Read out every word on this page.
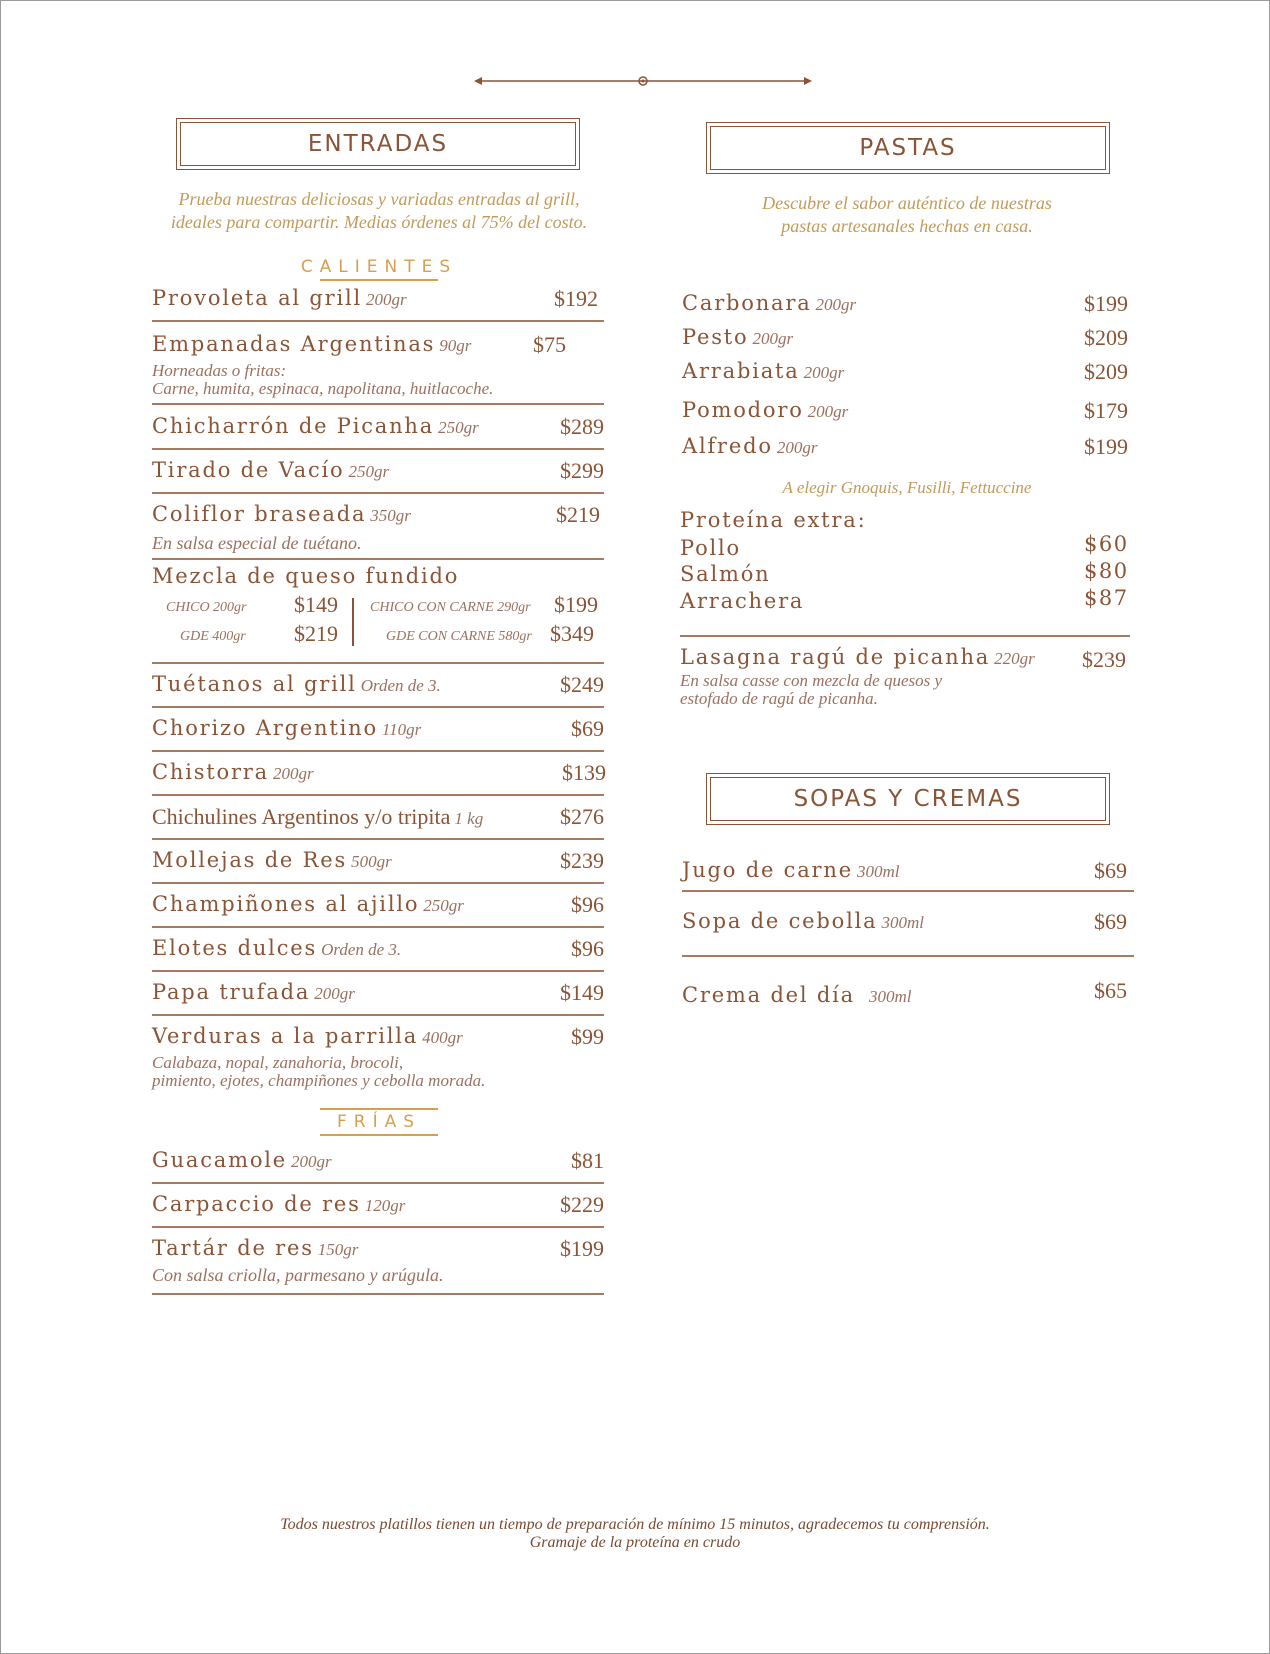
ENTRADAS
Prueba nuestras deliciosas y variadas entradas al grill,
ideales para compartir. Medias órdenes al 75% del costo.
CALIENTES
Provoleta al grill 200gr	$192
Empanadas Argentinas 90gr	$75
Horneadas o fritas:
Carne, humita, espinaca, napolitana, huitlacoche.
Chicharrón de Picanha 250gr	$289
Tirado de Vacío 250gr	$299
Coliflor braseada 350gr	$219
En salsa especial de tuétano.
Mezcla de queso fundido
CHICO 200gr $149
GDE 400gr $219
CHICO CON CARNE 290gr $199
GDE CON CARNE 580gr $349
Tuétanos al grill Orden de 3.	$249
Chorizo Argentino 110gr	$69
Chistorra 200gr	$139
Chichulines Argentinos y/o tripita 1 kg	$276
Mollejas de Res 500gr	$239
Champiñones al ajillo 250gr	$96
Elotes dulces Orden de 3.	$96
Papa trufada 200gr	$149
Verduras a la parrilla 400gr	$99
Calabaza, nopal, zanahoria, brocoli,
pimiento, ejotes, champiñones y cebolla morada.
FRÍAS
Guacamole 200gr	$81
Carpaccio de res 120gr	$229
Tartár de res 150gr	$199
Con salsa criolla, parmesano y arúgula.
PASTAS
Descubre el sabor auténtico de nuestras
pastas artesanales hechas en casa.
Carbonara 200gr	$199
Pesto 200gr	$209
Arrabiata 200gr	$209
Pomodoro 200gr	$179
Alfredo 200gr	$199
A elegir Gnoquis, Fusilli, Fettuccine
Proteína extra:
Pollo	$60
Salmón	$80
Arrachera	$87
Lasagna ragú de picanha 220gr $239
En salsa casse con mezcla de quesos y
estofado de ragú de picanha.
SOPAS Y CREMAS
Jugo de carne 300ml	$69
Sopa de cebolla 300ml	$69
Crema del día 300ml	$65
Todos nuestros platillos tienen un tiempo de preparación de mínimo 15 minutos, agradecemos tu comprensión.
Gramaje de la proteína en crudo
